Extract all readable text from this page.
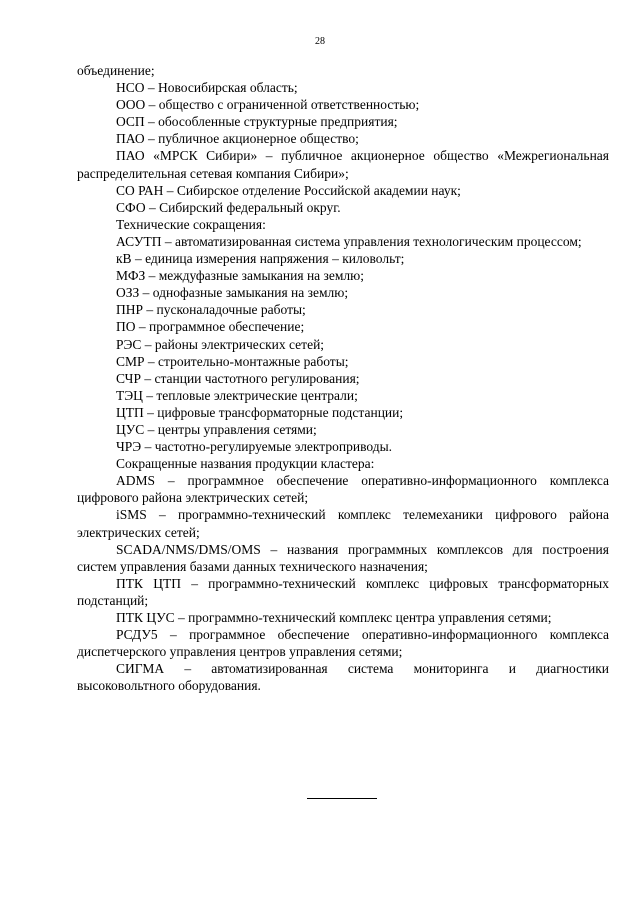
28

объединение;

НСО – Новосибирская область;

ООО – общество с ограниченной ответственностью;

ОСП – обособленные структурные предприятия;

ПАО – публичное акционерное общество;

ПАО «МРСК Сибири» – публичное акционерное общество «Межрегиональная распределительная сетевая компания Сибири»;

СО РАН – Сибирское отделение Российской академии наук;

СФО – Сибирский федеральный округ.

Технические сокращения:

АСУТП – автоматизированная система управления технологическим процессом;

кВ – единица измерения напряжения – киловольт;

МФЗ – междуфазные замыкания на землю;

ОЗЗ – однофазные замыкания на землю;

ПНР – пусконаладочные работы;

ПО – программное обеспечение;

РЭС – районы электрических сетей;

СМР – строительно-монтажные работы;

СЧР – станции частотного регулирования;

ТЭЦ – тепловые электрические централи;

ЦТП – цифровые трансформаторные подстанции;

ЦУС – центры управления сетями;

ЧРЭ – частотно-регулируемые электроприводы.

Сокращенные названия продукции кластера:

ADMS – программное обеспечение оперативно-информационного комплекса цифрового района электрических сетей;

iSMS – программно-технический комплекс телемеханики цифрового района электрических сетей;

SCADA/NMS/DMS/OMS – названия программных комплексов для построения систем управления базами данных технического назначения;

ПТК ЦТП – программно-технический комплекс цифровых трансформаторных подстанций;

ПТК ЦУС – программно-технический комплекс центра управления сетями;

РСДУ5 – программное обеспечение оперативно-информационного комплекса диспетчерского управления центров управления сетями;

СИГМА – автоматизированная система мониторинга и диагностики высоковольтного оборудования.
